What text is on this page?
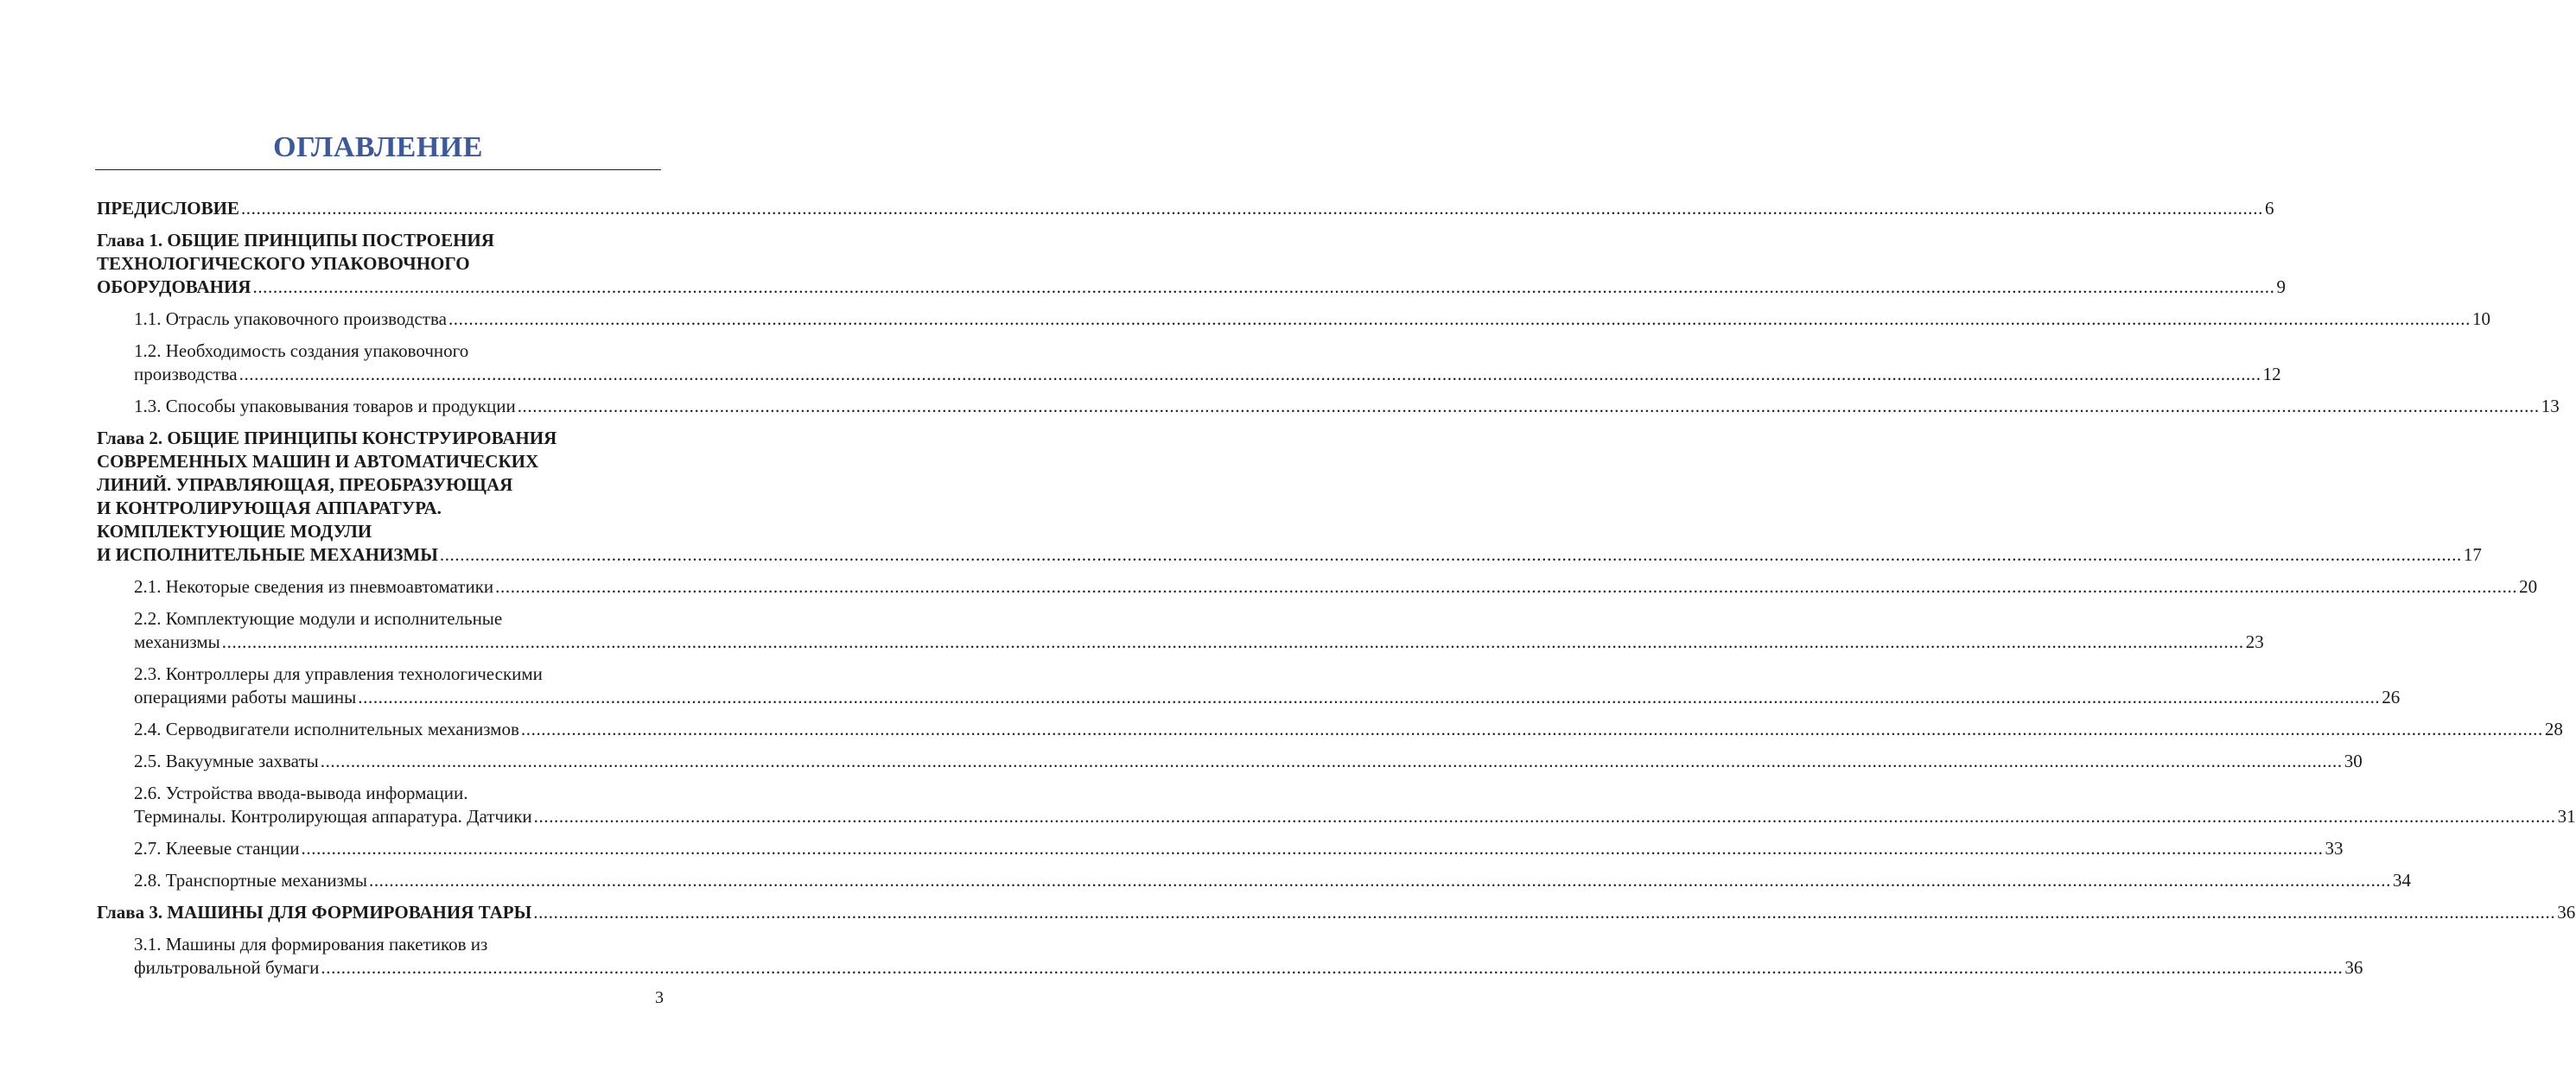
ОГЛАВЛЕНИЕ
ПРЕДИСЛОВИЕ ................................................................................................................................................................................................................................................................................................................................................................................................................ 6
Глава 1. ОБЩИЕ ПРИНЦИПЫ ПОСТРОЕНИЯ
ТЕХНОЛОГИЧЕСКОГО УПАКОВОЧНОГО
ОБОРУДОВАНИЯ ................................................................................................................................................................................................................................................................................................................................................................................................................ 9
1.1. Отрасль упаковочного производства ................................................................................................................................................................................................................................................................................................................................................................................................................ 10
1.2. Необходимость создания упаковочного
производства ................................................................................................................................................................................................................................................................................................................................................................................................................ 12
1.3. Способы упаковывания товаров и продукции ................................................................................................................................................................................................................................................................................................................................................................................................................ 13
Глава 2. ОБЩИЕ ПРИНЦИПЫ КОНСТРУИРОВАНИЯ
СОВРЕМЕННЫХ МАШИН И АВТОМАТИЧЕСКИХ
ЛИНИЙ. УПРАВЛЯЮЩАЯ, ПРЕОБРАЗУЮЩАЯ
И КОНТРОЛИРУЮЩАЯ АППАРАТУРА.
КОМПЛЕКТУЮЩИЕ МОДУЛИ
И ИСПОЛНИТЕЛЬНЫЕ МЕХАНИЗМЫ ................................................................................................................................................................................................................................................................................................................................................................................................................ 17
2.1. Некоторые сведения из пневмоавтоматики ................................................................................................................................................................................................................................................................................................................................................................................................................ 20
2.2. Комплектующие модули и исполнительные
механизмы ................................................................................................................................................................................................................................................................................................................................................................................................................ 23
2.3. Контроллеры для управления технологическими
операциями работы машины ................................................................................................................................................................................................................................................................................................................................................................................................................ 26
2.4. Серводвигатели исполнительных механизмов ................................................................................................................................................................................................................................................................................................................................................................................................................ 28
2.5. Вакуумные захваты ................................................................................................................................................................................................................................................................................................................................................................................................................ 30
2.6. Устройства ввода-вывода информации.
Терминалы. Контролирующая аппаратура. Датчики ................................................................................................................................................................................................................................................................................................................................................................................................................ 31
2.7. Клеевые станции ................................................................................................................................................................................................................................................................................................................................................................................................................ 33
2.8. Транспортные механизмы ................................................................................................................................................................................................................................................................................................................................................................................................................ 34
Глава 3. МАШИНЫ ДЛЯ ФОРМИРОВАНИЯ ТАРЫ ................................................................................................................................................................................................................................................................................................................................................................................................................ 36
3.1. Машины для формирования пакетиков из
фильтровальной бумаги ................................................................................................................................................................................................................................................................................................................................................................................................................ 36
3
